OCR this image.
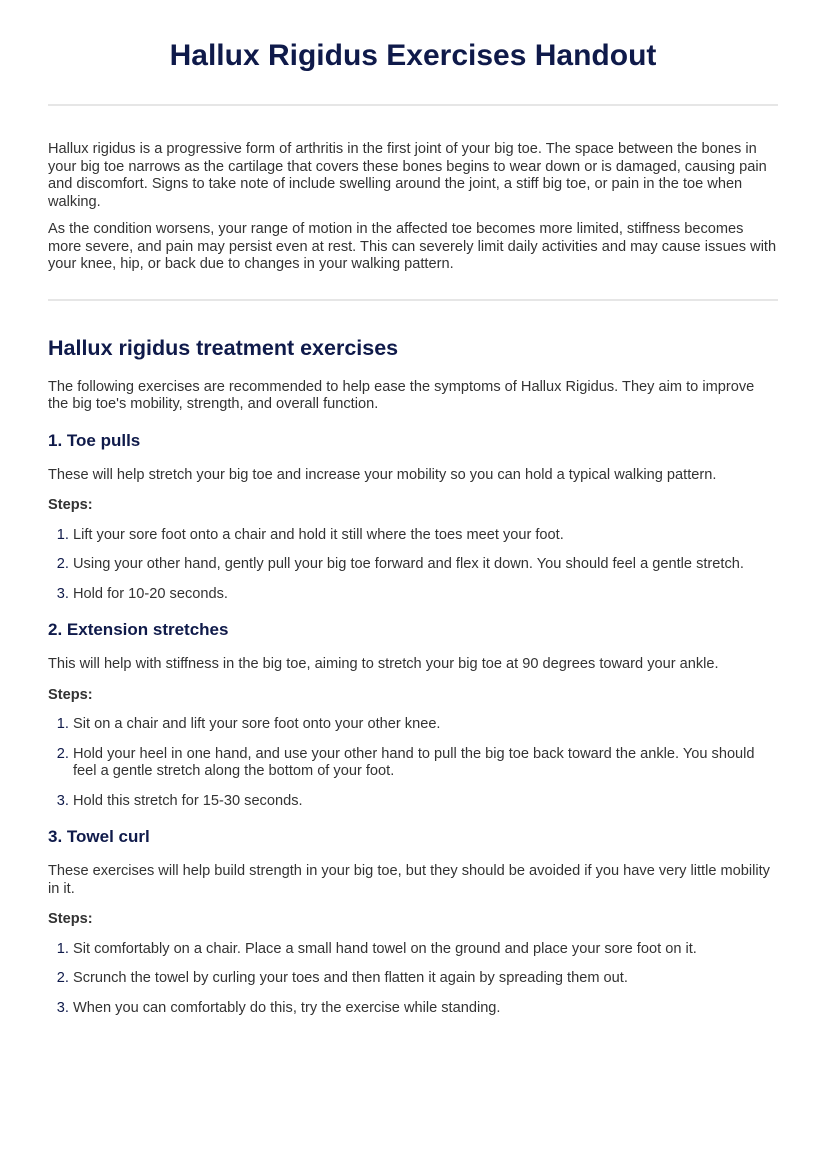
Hallux Rigidus Exercises Handout

Hallux rigidus is a progressive form of arthritis in the first joint of your big toe. The space between the bones in your big toe narrows as the cartilage that covers these bones begins to wear down or is damaged, causing pain and discomfort. Signs to take note of include swelling around the joint, a stiff big toe, or pain in the toe when walking.

As the condition worsens, your range of motion in the affected toe becomes more limited, stiffness becomes more severe, and pain may persist even at rest. This can severely limit daily activities and may cause issues with your knee, hip, or back due to changes in your walking pattern.

Hallux rigidus treatment exercises

The following exercises are recommended to help ease the symptoms of Hallux Rigidus. They aim to improve the big toe's mobility, strength, and overall function.

1. Toe pulls

These will help stretch your big toe and increase your mobility so you can hold a typical walking pattern.

Steps:

1. Lift your sore foot onto a chair and hold it still where the toes meet your foot.
2. Using your other hand, gently pull your big toe forward and flex it down. You should feel a gentle stretch.
3. Hold for 10-20 seconds.
2. Extension stretches

This will help with stiffness in the big toe, aiming to stretch your big toe at 90 degrees toward your ankle.

Steps:

1. Sit on a chair and lift your sore foot onto your other knee.
2. Hold your heel in one hand, and use your other hand to pull the big toe back toward the ankle. You should feel a gentle stretch along the bottom of your foot.
3. Hold this stretch for 15-30 seconds.
3. Towel curl

These exercises will help build strength in your big toe, but they should be avoided if you have very little mobility in it.

Steps:

1. Sit comfortably on a chair. Place a small hand towel on the ground and place your sore foot on it.
2. Scrunch the towel by curling your toes and then flatten it again by spreading them out.
3. When you can comfortably do this, try the exercise while standing.
